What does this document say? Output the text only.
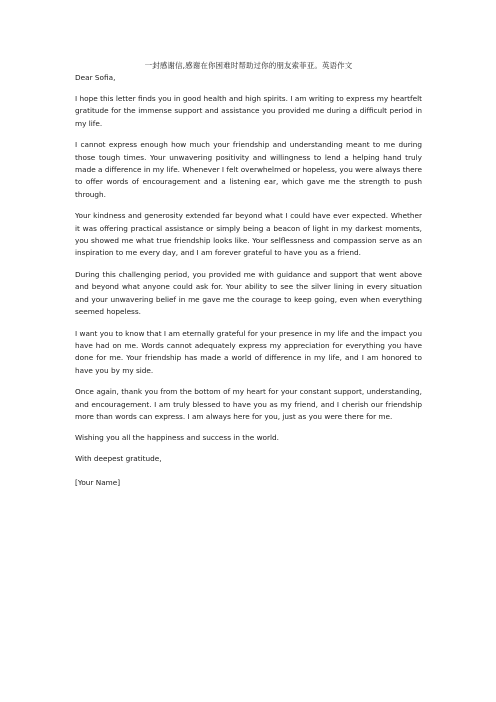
一封感谢信,感谢在你困难时帮助过你的朋友索菲亚。英语作文
Dear Sofia,

I hope this letter finds you in good health and high spirits. I am writing to express my heartfelt gratitude for the immense support and assistance you provided me during a difficult period in my life.

I cannot express enough how much your friendship and understanding meant to me during those tough times. Your unwavering positivity and willingness to lend a helping hand truly made a difference in my life. Whenever I felt overwhelmed or hopeless, you were always there to offer words of encouragement and a listening ear, which gave me the strength to push through.

Your kindness and generosity extended far beyond what I could have ever expected. Whether it was offering practical assistance or simply being a beacon of light in my darkest moments, you showed me what true friendship looks like. Your selflessness and compassion serve as an inspiration to me every day, and I am forever grateful to have you as a friend.

During this challenging period, you provided me with guidance and support that went above and beyond what anyone could ask for. Your ability to see the silver lining in every situation and your unwavering belief in me gave me the courage to keep going, even when everything seemed hopeless.

I want you to know that I am eternally grateful for your presence in my life and the impact you have had on me. Words cannot adequately express my appreciation for everything you have done for me. Your friendship has made a world of difference in my life, and I am honored to have you by my side.

Once again, thank you from the bottom of my heart for your constant support, understanding, and encouragement. I am truly blessed to have you as my friend, and I cherish our friendship more than words can express. I am always here for you, just as you were there for me.

Wishing you all the happiness and success in the world.

With deepest gratitude,
[Your Name]
